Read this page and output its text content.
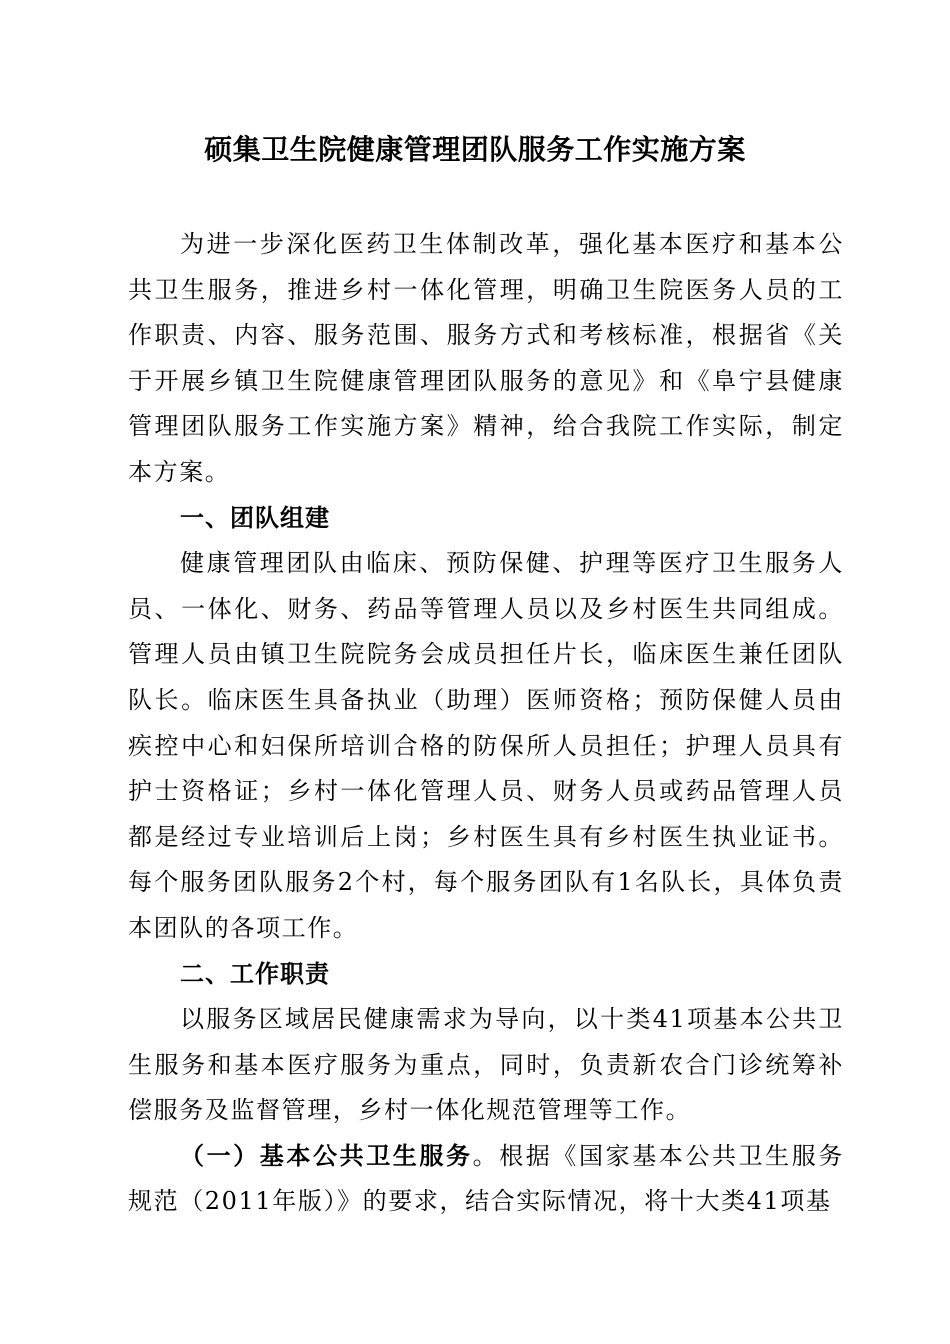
硕集卫生院健康管理团队服务工作实施方案

为进一步深化医药卫生体制改革，强化基本医疗和基本公共卫生服务，推进乡村一体化管理，明确卫生院医务人员的工作职责、内容、服务范围、服务方式和考核标准，根据省《关于开展乡镇卫生院健康管理团队服务的意见》和《阜宁县健康管理团队服务工作实施方案》精神，给合我院工作实际，制定本方案。

一、团队组建

健康管理团队由临床、预防保健、护理等医疗卫生服务人员、一体化、财务、药品等管理人员以及乡村医生共同组成。管理人员由镇卫生院院务会成员担任片长，临床医生兼任团队队长。临床医生具备执业（助理）医师资格；预防保健人员由疾控中心和妇保所培训合格的防保所人员担任；护理人员具有护士资格证；乡村一体化管理人员、财务人员或药品管理人员都是经过专业培训后上岗；乡村医生具有乡村医生执业证书。每个服务团队服务2个村，每个服务团队有1名队长，具体负责本团队的各项工作。

二、工作职责

以服务区域居民健康需求为导向，以十类41项基本公共卫生服务和基本医疗服务为重点，同时，负责新农合门诊统筹补偿服务及监督管理，乡村一体化规范管理等工作。

（一）基本公共卫生服务。根据《国家基本公共卫生服务规范（2011年版）》的要求，结合实际情况，将十大类41项基
